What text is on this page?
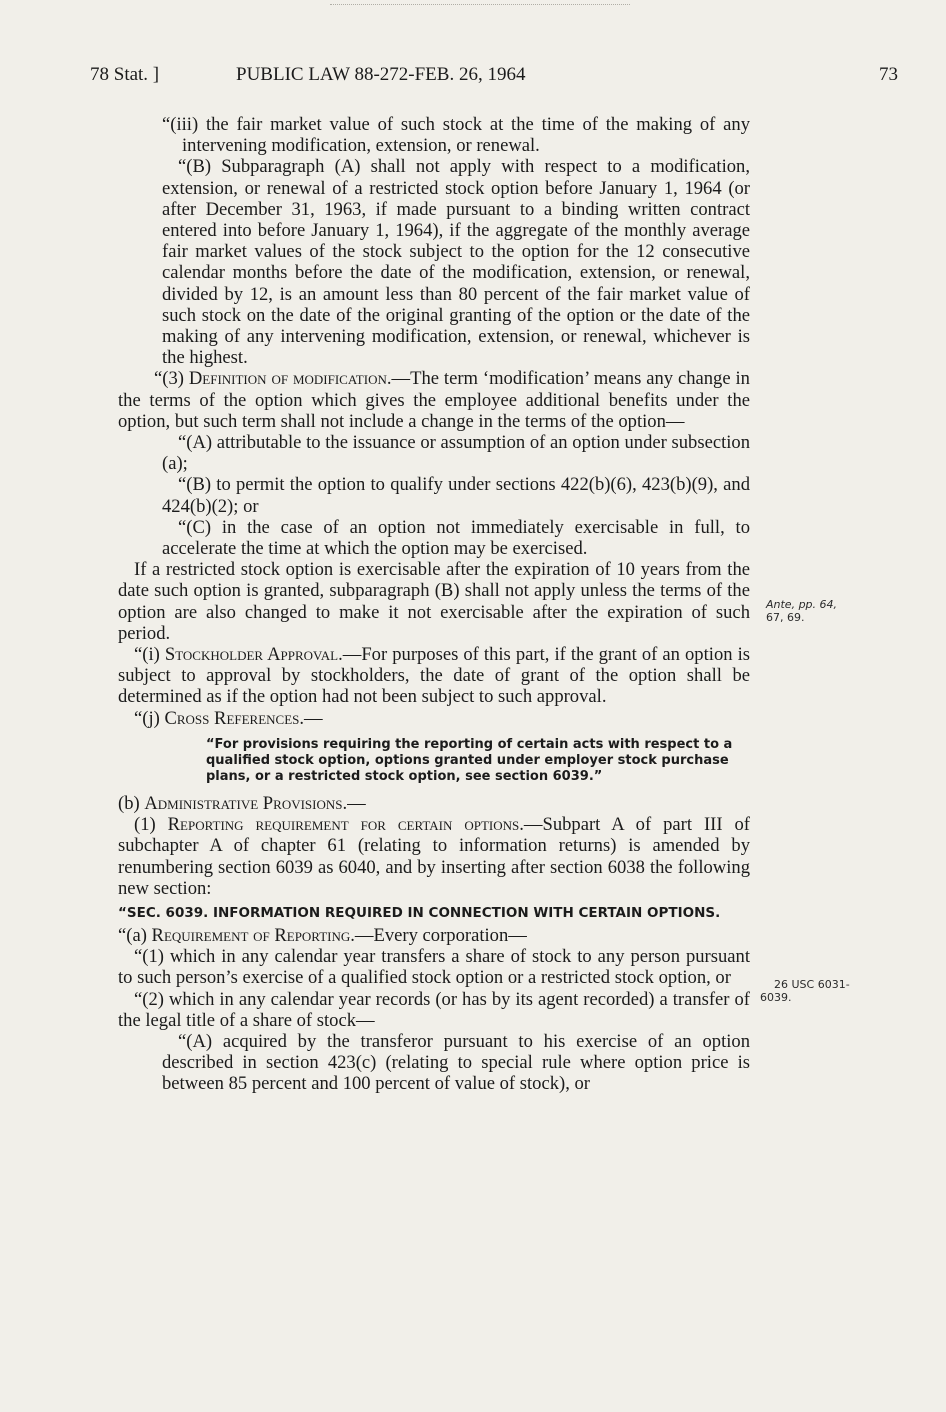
78 Stat. ]	PUBLIC LAW 88-272-FEB. 26, 1964	73

“(iii) the fair market value of such stock at the time of the making of any intervening modification, extension, or renewal.

“(B) Subparagraph (A) shall not apply with respect to a modification, extension, or renewal of a restricted stock option before January 1, 1964 (or after December 31, 1963, if made pursuant to a binding written contract entered into before January 1, 1964), if the aggregate of the monthly average fair market values of the stock subject to the option for the 12 consecutive calendar months before the date of the modification, extension, or renewal, divided by 12, is an amount less than 80 percent of the fair market value of such stock on the date of the original granting of the option or the date of the making of any intervening modification, extension, or renewal, whichever is the highest.

“(3) Definition of modification.—The term ‘modification’ means any change in the terms of the option which gives the employee additional benefits under the option, but such term shall not include a change in the terms of the option—

“(A) attributable to the issuance or assumption of an option under subsection (a);

“(B) to permit the option to qualify under sections 422(b)(6), 423(b)(9), and 424(b)(2); or

“(C) in the case of an option not immediately exercisable in full, to accelerate the time at which the option may be exercised.

If a restricted stock option is exercisable after the expiration of 10 years from the date such option is granted, subparagraph (B) shall not apply unless the terms of the option are also changed to make it not exercisable after the expiration of such period.

“(i) Stockholder Approval.—For purposes of this part, if the grant of an option is subject to approval by stockholders, the date of grant of the option shall be determined as if the option had not been subject to such approval.

“(j) Cross References.—

“For provisions requiring the reporting of certain acts with respect to a qualified stock option, options granted under employer stock purchase plans, or a restricted stock option, see section 6039.”

(b) Administrative Provisions.—

(1) Reporting requirement for certain options.—Subpart A of part III of subchapter A of chapter 61 (relating to information returns) is amended by renumbering section 6039 as 6040, and by inserting after section 6038 the following new section:

“SEC. 6039. INFORMATION REQUIRED IN CONNECTION WITH CERTAIN OPTIONS.

“(a) Requirement of Reporting.—Every corporation—

“(1) which in any calendar year transfers a share of stock to any person pursuant to such person’s exercise of a qualified stock option or a restricted stock option, or

“(2) which in any calendar year records (or has by its agent recorded) a transfer of the legal title of a share of stock—

“(A) acquired by the transferor pursuant to his exercise of an option described in section 423(c) (relating to special rule where option price is between 85 percent and 100 percent of value of stock), or

Ante, pp. 64,
67, 69.
26 USC 6031-
6039.
